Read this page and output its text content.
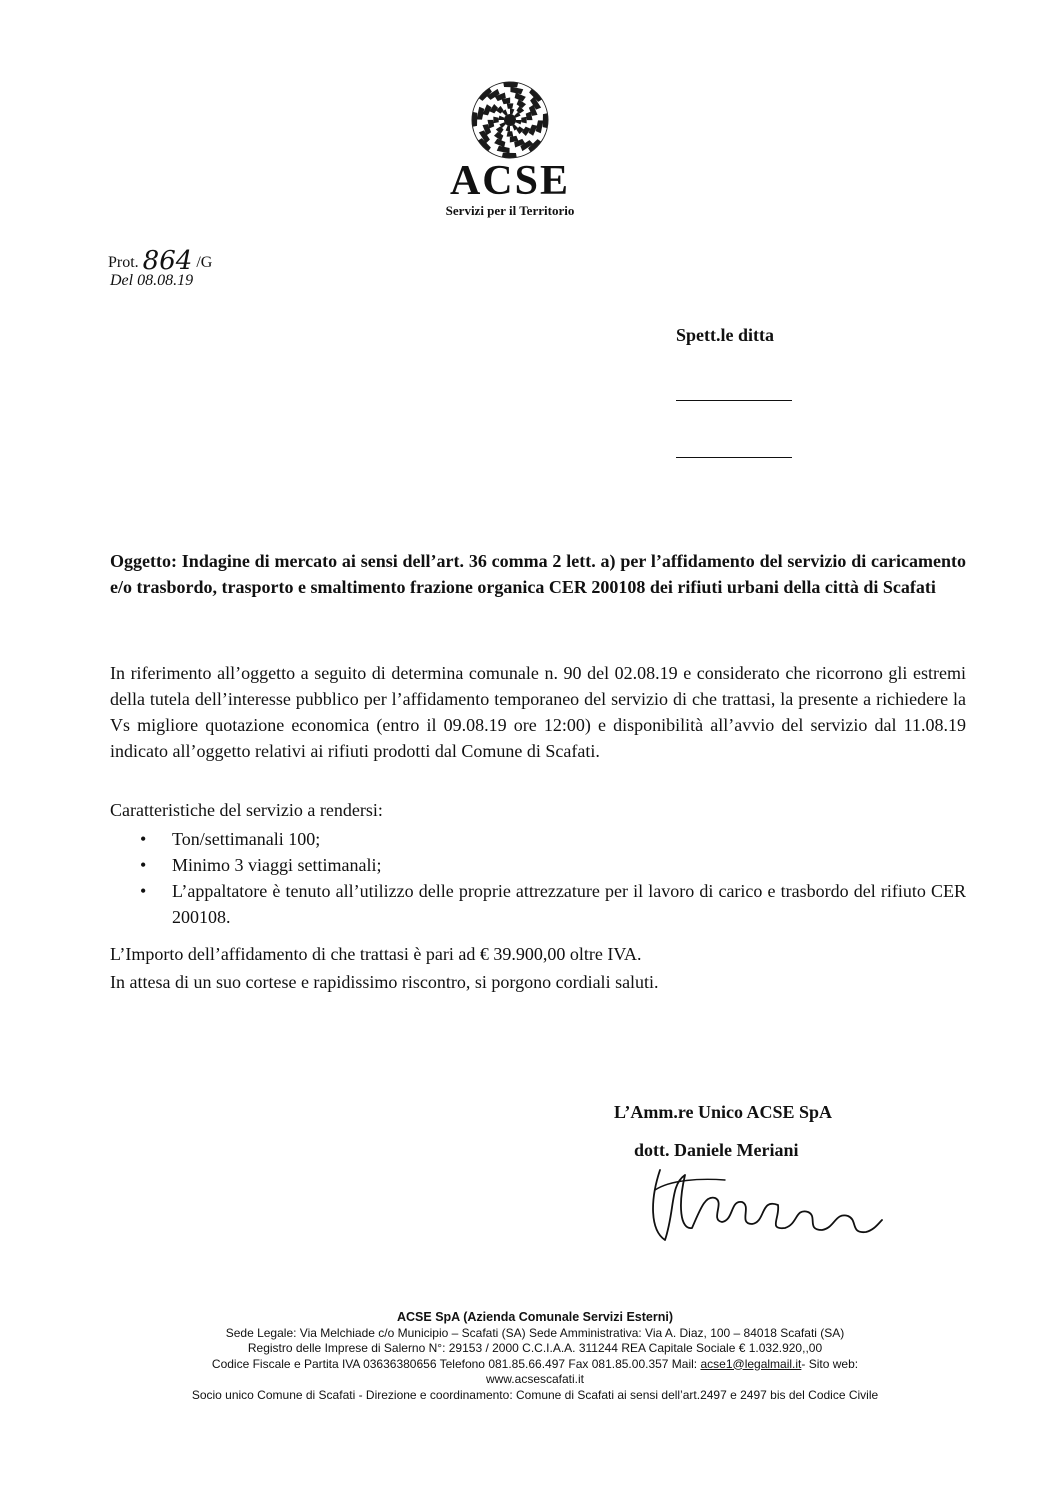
ACSE
Servizi per il Territorio
Prot. 864 /G
Del 08.08.19
Spett.le ditta
Oggetto: Indagine di mercato ai sensi dell’art. 36 comma 2 lett. a) per l’affidamento del servizio di caricamento e/o trasbordo, trasporto e smaltimento frazione organica CER 200108 dei rifiuti urbani della città di Scafati
In riferimento all’oggetto a seguito di determina comunale n. 90 del 02.08.19 e considerato che ricorrono gli estremi della tutela dell’interesse pubblico per l’affidamento temporaneo del servizio di che trattasi, la presente a richiedere la Vs migliore quotazione economica (entro il 09.08.19 ore 12:00) e disponibilità all’avvio del servizio dal 11.08.19 indicato all’oggetto relativi ai rifiuti prodotti dal Comune di Scafati.
Caratteristiche del servizio a rendersi:
• Ton/settimanali 100;
• Minimo 3 viaggi settimanali;
• L’appaltatore è tenuto all’utilizzo delle proprie attrezzature per il lavoro di carico e trasbordo del rifiuto CER 200108.
L’Importo dell’affidamento di che trattasi è pari ad € 39.900,00 oltre IVA.
In attesa di un suo cortese e rapidissimo riscontro, si porgono cordiali saluti.
L’Amm.re Unico ACSE SpA
dott. Daniele Meriani
ACSE SpA (Azienda Comunale Servizi Esterni)
Sede Legale: Via Melchiade c/o Municipio – Scafati (SA) Sede Amministrativa: Via A. Diaz, 100 – 84018 Scafati (SA)
Registro delle Imprese di Salerno N°: 29153 / 2000 C.C.I.A.A. 311244 REA Capitale Sociale € 1.032.920,,00
Codice Fiscale e Partita IVA 03636380656 Telefono 081.85.66.497 Fax 081.85.00.357 Mail: acse1@legalmail.it- Sito web:
www.acsescafati.it
Socio unico Comune di Scafati - Direzione e coordinamento: Comune di Scafati ai sensi dell’art.2497 e 2497 bis del Codice Civile
